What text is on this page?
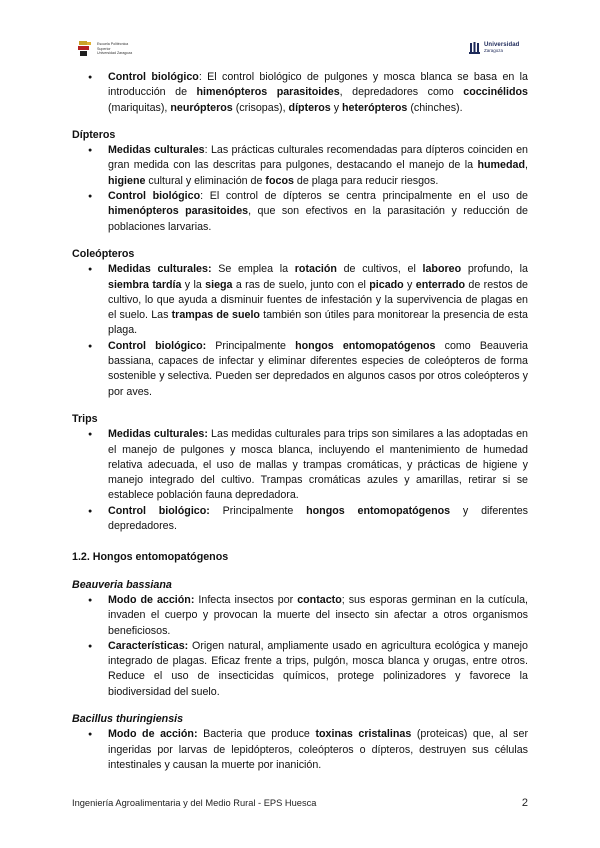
Escuela Politécnica
Superior
Universidad Zaragoza
Universidad
Zaragoza
● Control biológico: El control biológico de pulgones y mosca blanca se basa en la introducción de himenópteros parasitoides, depredadores como coccinélidos (mariquitas), neurópteros (crisopas), dípteros y heterópteros (chinches).
Dípteros
● Medidas culturales: Las prácticas culturales recomendadas para dípteros coinciden en gran medida con las descritas para pulgones, destacando el manejo de la humedad, higiene cultural y eliminación de focos de plaga para reducir riesgos.
● Control biológico: El control de dípteros se centra principalmente en el uso de himenópteros parasitoides, que son efectivos en la parasitación y reducción de poblaciones larvarias.
Coleópteros
● Medidas culturales: Se emplea la rotación de cultivos, el laboreo profundo, la siembra tardía y la siega a ras de suelo, junto con el picado y enterrado de restos de cultivo, lo que ayuda a disminuir fuentes de infestación y la supervivencia de plagas en el suelo. Las trampas de suelo también son útiles para monitorear la presencia de esta plaga.
● Control biológico: Principalmente hongos entomopatógenos como Beauveria bassiana, capaces de infectar y eliminar diferentes especies de coleópteros de forma sostenible y selectiva. Pueden ser depredados en algunos casos por otros coleópteros y por aves.
Trips
● Medidas culturales: Las medidas culturales para trips son similares a las adoptadas en el manejo de pulgones y mosca blanca, incluyendo el mantenimiento de humedad relativa adecuada, el uso de mallas y trampas cromáticas, y prácticas de higiene y manejo integrado del cultivo. Trampas cromáticas azules y amarillas, retirar si se establece población fauna depredadora.
● Control biológico: Principalmente hongos entomopatógenos y diferentes depredadores.
1.2. Hongos entomopatógenos
Beauveria bassiana
● Modo de acción: Infecta insectos por contacto; sus esporas germinan en la cutícula, invaden el cuerpo y provocan la muerte del insecto sin afectar a otros organismos beneficiosos.
● Características: Origen natural, ampliamente usado en agricultura ecológica y manejo integrado de plagas. Eficaz frente a trips, pulgón, mosca blanca y orugas, entre otros. Reduce el uso de insecticidas químicos, protege polinizadores y favorece la biodiversidad del suelo.
Bacillus thuringiensis
● Modo de acción: Bacteria que produce toxinas cristalinas (proteicas) que, al ser ingeridas por larvas de lepidópteros, coleópteros o dípteros, destruyen sus células intestinales y causan la muerte por inanición.
Ingeniería Agroalimentaria y del Medio Rural - EPS Huesca	2
